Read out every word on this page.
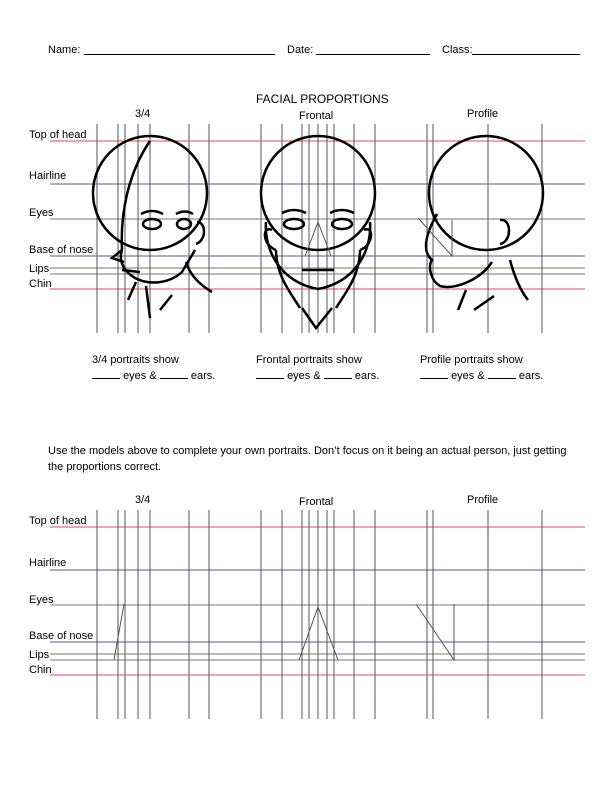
Name:	Date:	Class:
FACIAL PROPORTIONS
3/4	Frontal	Profile
Top of head
Hairline
Eyes
Base of nose
Lips
Chin
3/4 portraits show
eyes &	ears.
Frontal portraits show
eyes &	ears.
Profile portraits show
eyes &	ears.
Use the models above to complete your own portraits. Don’t focus on it being an actual person, just getting
the proportions correct.
3/4	Frontal	Profile
Top of head
Hairline
Eyes
Base of nose
Lips
Chin
